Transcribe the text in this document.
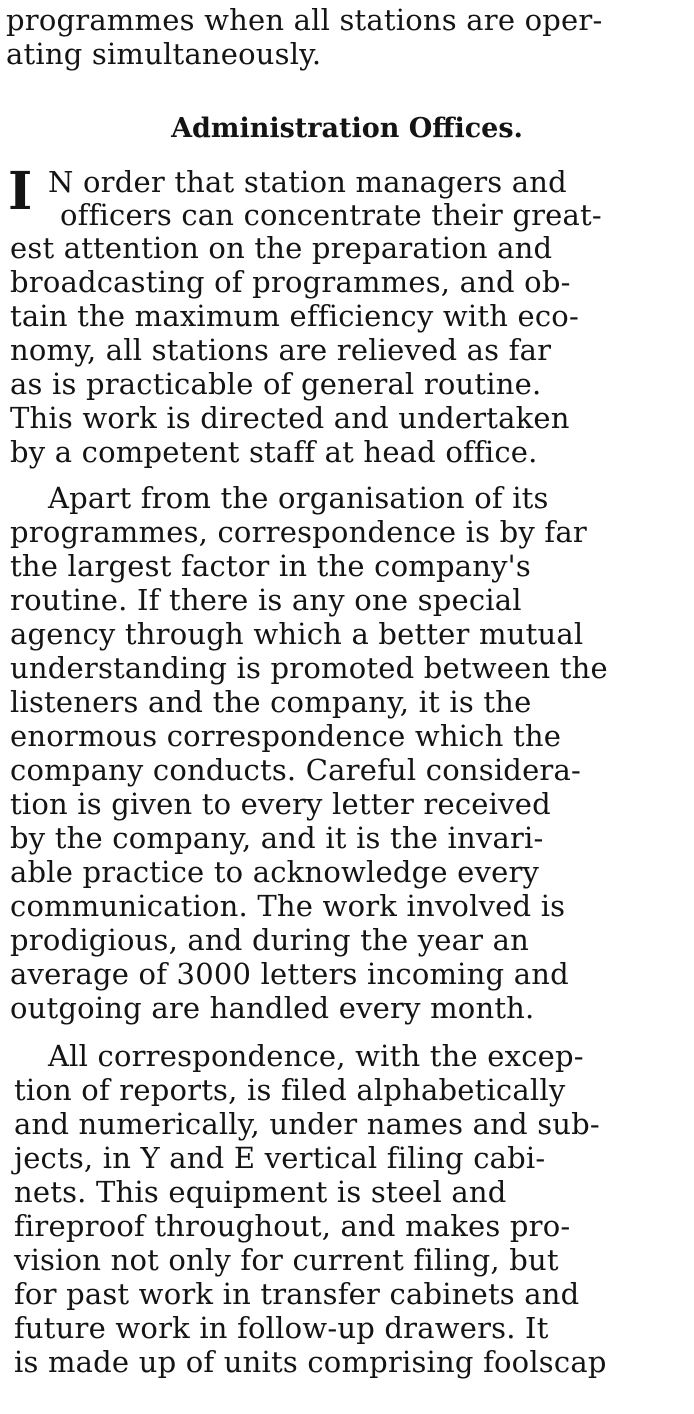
programmes when all stations are oper-
ating simultaneously.
Administration Offices.
I N order that station managers and
officers can concentrate their great-
est attention on the preparation and
broadcasting of programmes, and ob-
tain the maximum efficiency with eco-
nomy, all stations are relieved as far
as is practicable of general routine.
This work is directed and undertaken
by a competent staff at head office.
Apart from the organisation of its
programmes, correspondence is by far
the largest factor in the company's
routine. If there is any one special
agency through which a better mutual
understanding is promoted between the
listeners and the company, it is the
enormous correspondence which the
company conducts. Careful considera-
tion is given to every letter received
by the company, and it is the invari-
able practice to acknowledge every
communication. The work involved is
prodigious, and during the year an
average of 3000 letters incoming and
outgoing are handled every month.
All correspondence, with the excep-
tion of reports, is filed alphabetically
and numerically, under names and sub-
jects, in Y and E vertical filing cabi-
nets. This equipment is steel and
fireproof throughout, and makes pro-
vision not only for current filing, but
for past work in transfer cabinets and
future work in follow-up drawers. It
is made up of units comprising foolscap
